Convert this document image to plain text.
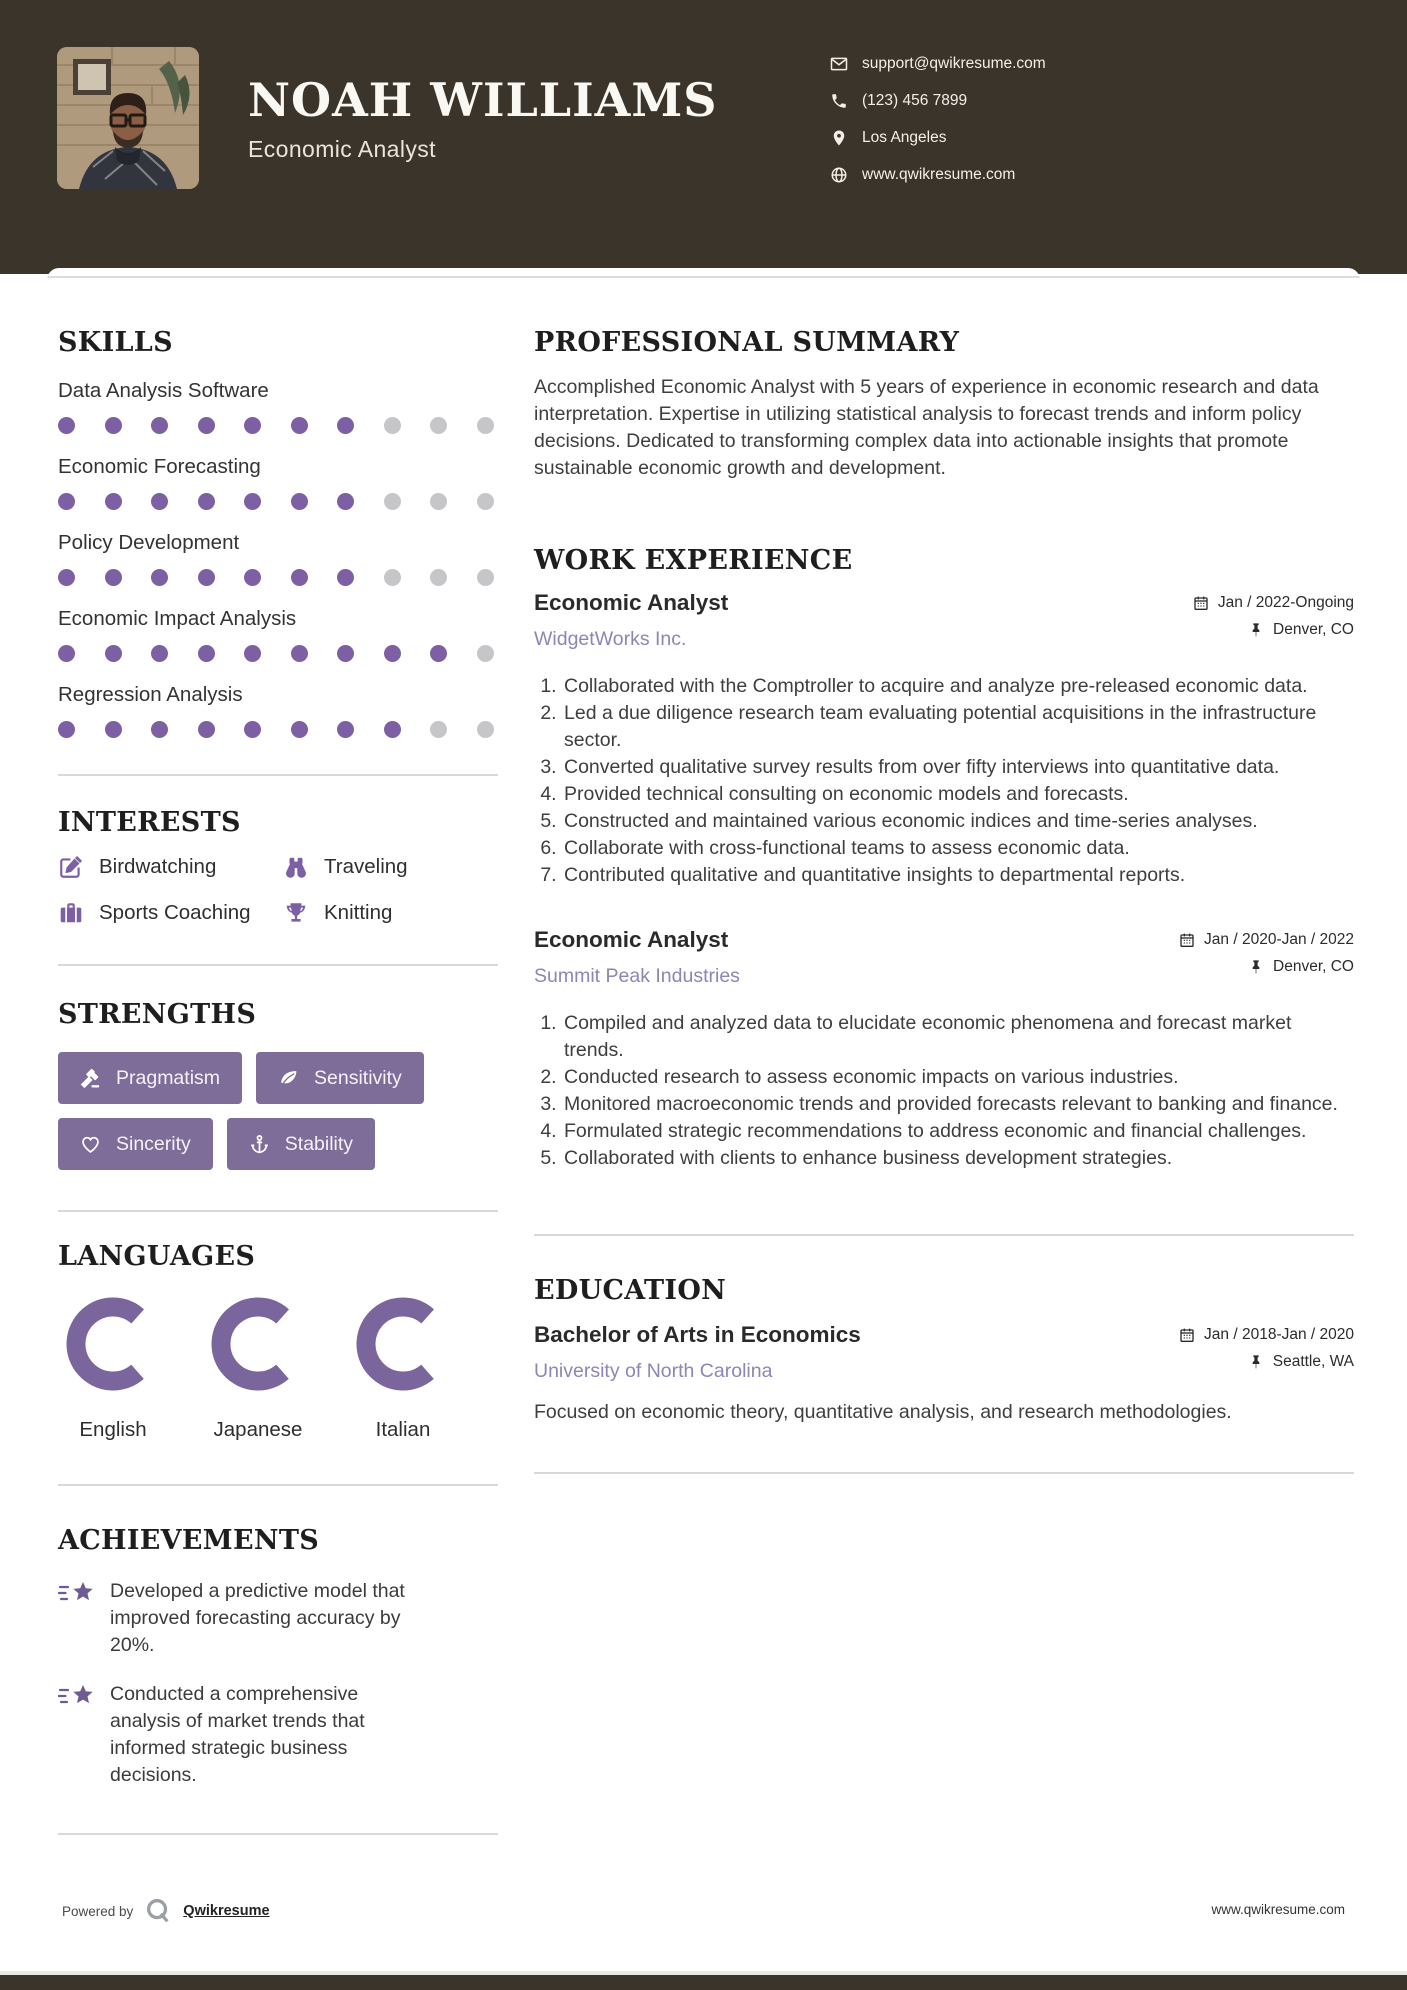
NOAH WILLIAMS
Economic Analyst
support@qwikresume.com
(123) 456 7899
Los Angeles
www.qwikresume.com
SKILLS
Data Analysis Software
Economic Forecasting
Policy Development
Economic Impact Analysis
Regression Analysis
INTERESTS
Birdwatching	Traveling
Sports Coaching	Knitting
STRENGTHS
Pragmatism	Sensitivity
Sincerity	Stability
LANGUAGES
English	Japanese	Italian
ACHIEVEMENTS
Developed a predictive model that improved forecasting accuracy by 20%.
Conducted a comprehensive analysis of market trends that informed strategic business decisions.
PROFESSIONAL SUMMARY
Accomplished Economic Analyst with 5 years of experience in economic research and data interpretation. Expertise in utilizing statistical analysis to forecast trends and inform policy decisions. Dedicated to transforming complex data into actionable insights that promote sustainable economic growth and development.
WORK EXPERIENCE
Economic Analyst
WidgetWorks Inc.
Jan / 2022-Ongoing
Denver, CO
1. Collaborated with the Comptroller to acquire and analyze pre-released economic data.
2. Led a due diligence research team evaluating potential acquisitions in the infrastructure sector.
3. Converted qualitative survey results from over fifty interviews into quantitative data.
4. Provided technical consulting on economic models and forecasts.
5. Constructed and maintained various economic indices and time-series analyses.
6. Collaborate with cross-functional teams to assess economic data.
7. Contributed qualitative and quantitative insights to departmental reports.
Economic Analyst
Summit Peak Industries
Jan / 2020-Jan / 2022
Denver, CO
1. Compiled and analyzed data to elucidate economic phenomena and forecast market trends.
2. Conducted research to assess economic impacts on various industries.
3. Monitored macroeconomic trends and provided forecasts relevant to banking and finance.
4. Formulated strategic recommendations to address economic and financial challenges.
5. Collaborated with clients to enhance business development strategies.
EDUCATION
Bachelor of Arts in Economics
University of North Carolina
Jan / 2018-Jan / 2020
Seattle, WA
Focused on economic theory, quantitative analysis, and research methodologies.
Powered by	Qwikresume	www.qwikresume.com
